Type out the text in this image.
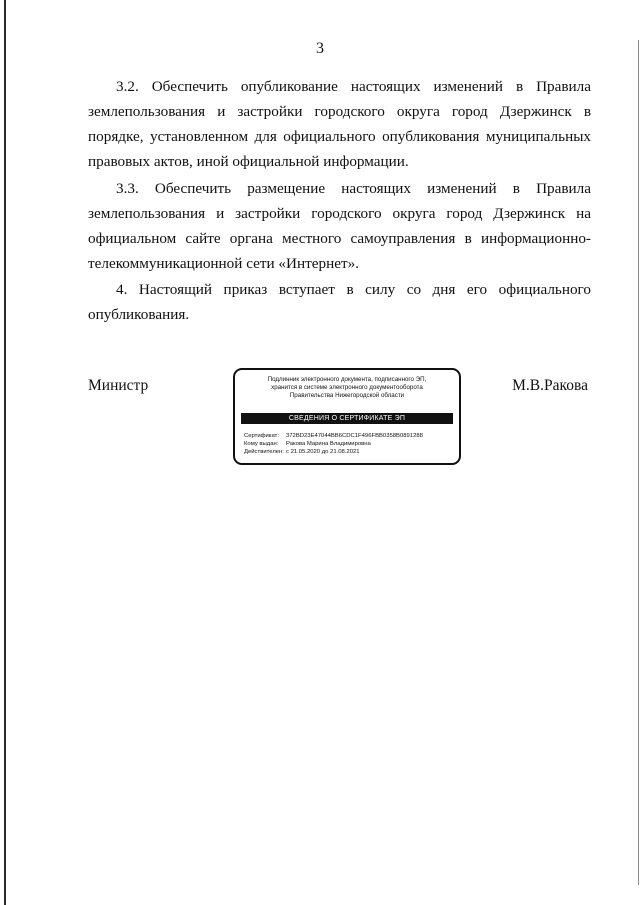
3

3.2. Обеспечить опубликование настоящих изменений в Правила землепользования и застройки городского округа город Дзержинск в порядке, установленном для официального опубликования муниципальных правовых актов, иной официальной информации.

3.3. Обеспечить размещение настоящих изменений в Правила землепользования и застройки городского округа город Дзержинск на официальном сайте органа местного самоуправления в информационно-телекоммуникационной сети «Интернет».

4. Настоящий приказ вступает в силу со дня его официального опубликования.

Министр	М.В.Ракова
Подлинник электронного документа, подписанного ЭП,
хранится в системе электронного документооборота
Правительства Нижегородской области
СВЕДЕНИЯ О СЕРТИФИКАТЕ ЭП
Сертификат: 372BD23E47044BB6CDC1F496FBB0358B0891288
Кому выдан: Ракова Марина Владимировна
Действителен: с 21.05.2020 до 21.08.2021
